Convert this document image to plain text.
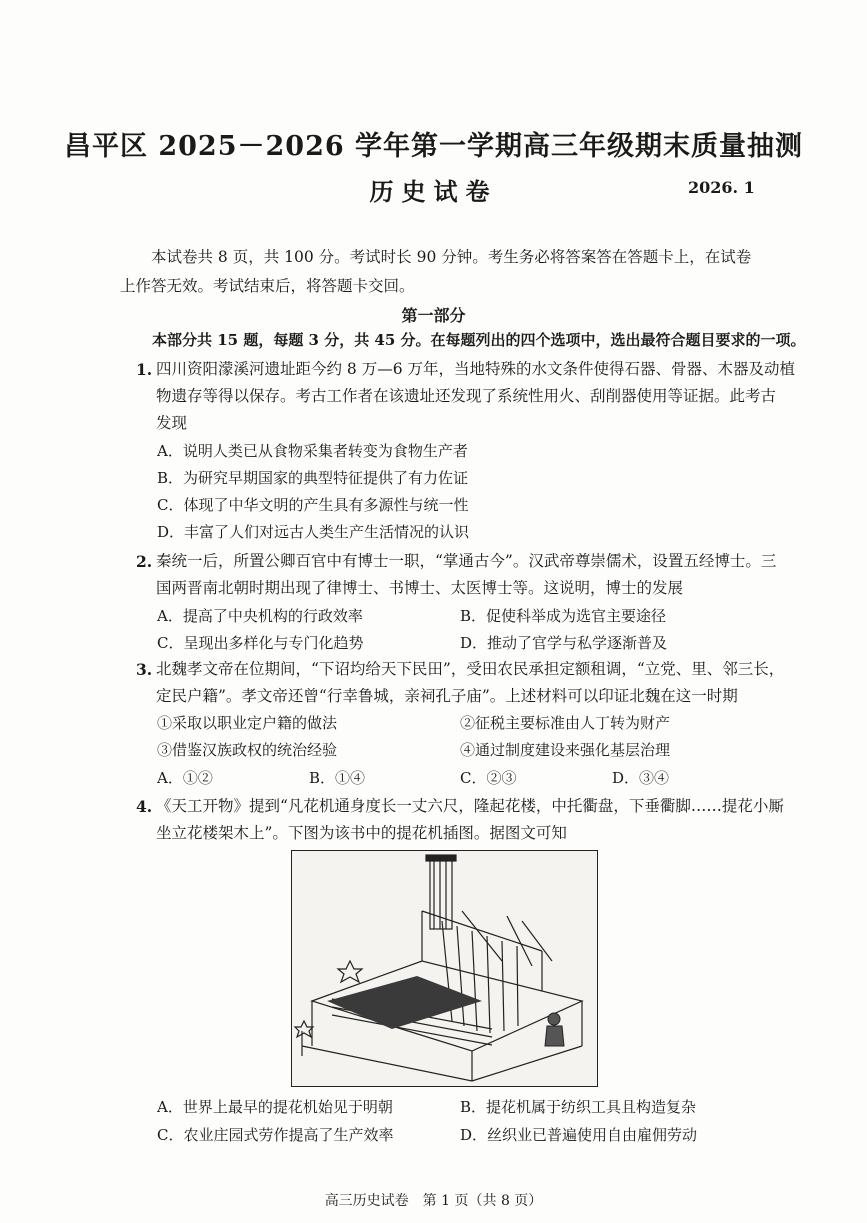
昌平区 2025－2026 学年第一学期高三年级期末质量抽测
历史试卷	2026. 1
本试卷共 8 页，共 100 分。考试时长 90 分钟。考生务必将答案答在答题卡上，在试卷上作答无效。考试结束后，将答题卡交回。
第一部分
本部分共 15 题，每题 3 分，共 45 分。在每题列出的四个选项中，选出最符合题目要求的一项。
1. 四川资阳濛溪河遗址距今约 8 万—6 万年，当地特殊的水文条件使得石器、骨器、木器及动植
物遗存等得以保存。考古工作者在该遗址还发现了系统性用火、刮削器使用等证据。此考古
发现
A．说明人类已从食物采集者转变为食物生产者
B．为研究早期国家的典型特征提供了有力佐证
C．体现了中华文明的产生具有多源性与统一性
D．丰富了人们对远古人类生产生活情况的认识
2. 秦统一后，所置公卿百官中有博士一职，“掌通古今”。汉武帝尊崇儒术，设置五经博士。三
国两晋南北朝时期出现了律博士、书博士、太医博士等。这说明，博士的发展
A．提高了中央机构的行政效率	B．促使科举成为选官主要途径
C．呈现出多样化与专门化趋势	D．推动了官学与私学逐渐普及
3. 北魏孝文帝在位期间，“下诏均给天下民田”，受田农民承担定额租调，“立党、里、邻三长，
定民户籍”。孝文帝还曾“行幸鲁城，亲祠孔子庙”。上述材料可以印证北魏在这一时期
①采取以职业定户籍的做法	②征税主要标准由人丁转为财产
③借鉴汉族政权的统治经验	④通过制度建设来强化基层治理
A．①②	B．①④	C．②③	D．③④
4. 《天工开物》提到“凡花机通身度长一丈六尺，隆起花楼，中托衢盘，下垂衢脚……提花小厮
坐立花楼架木上”。下图为该书中的提花机插图。据图文可知
A．世界上最早的提花机始见于明朝	B．提花机属于纺织工具且构造复杂
C．农业庄园式劳作提高了生产效率	D．丝织业已普遍使用自由雇佣劳动
高三历史试卷　第 1 页（共 8 页）
